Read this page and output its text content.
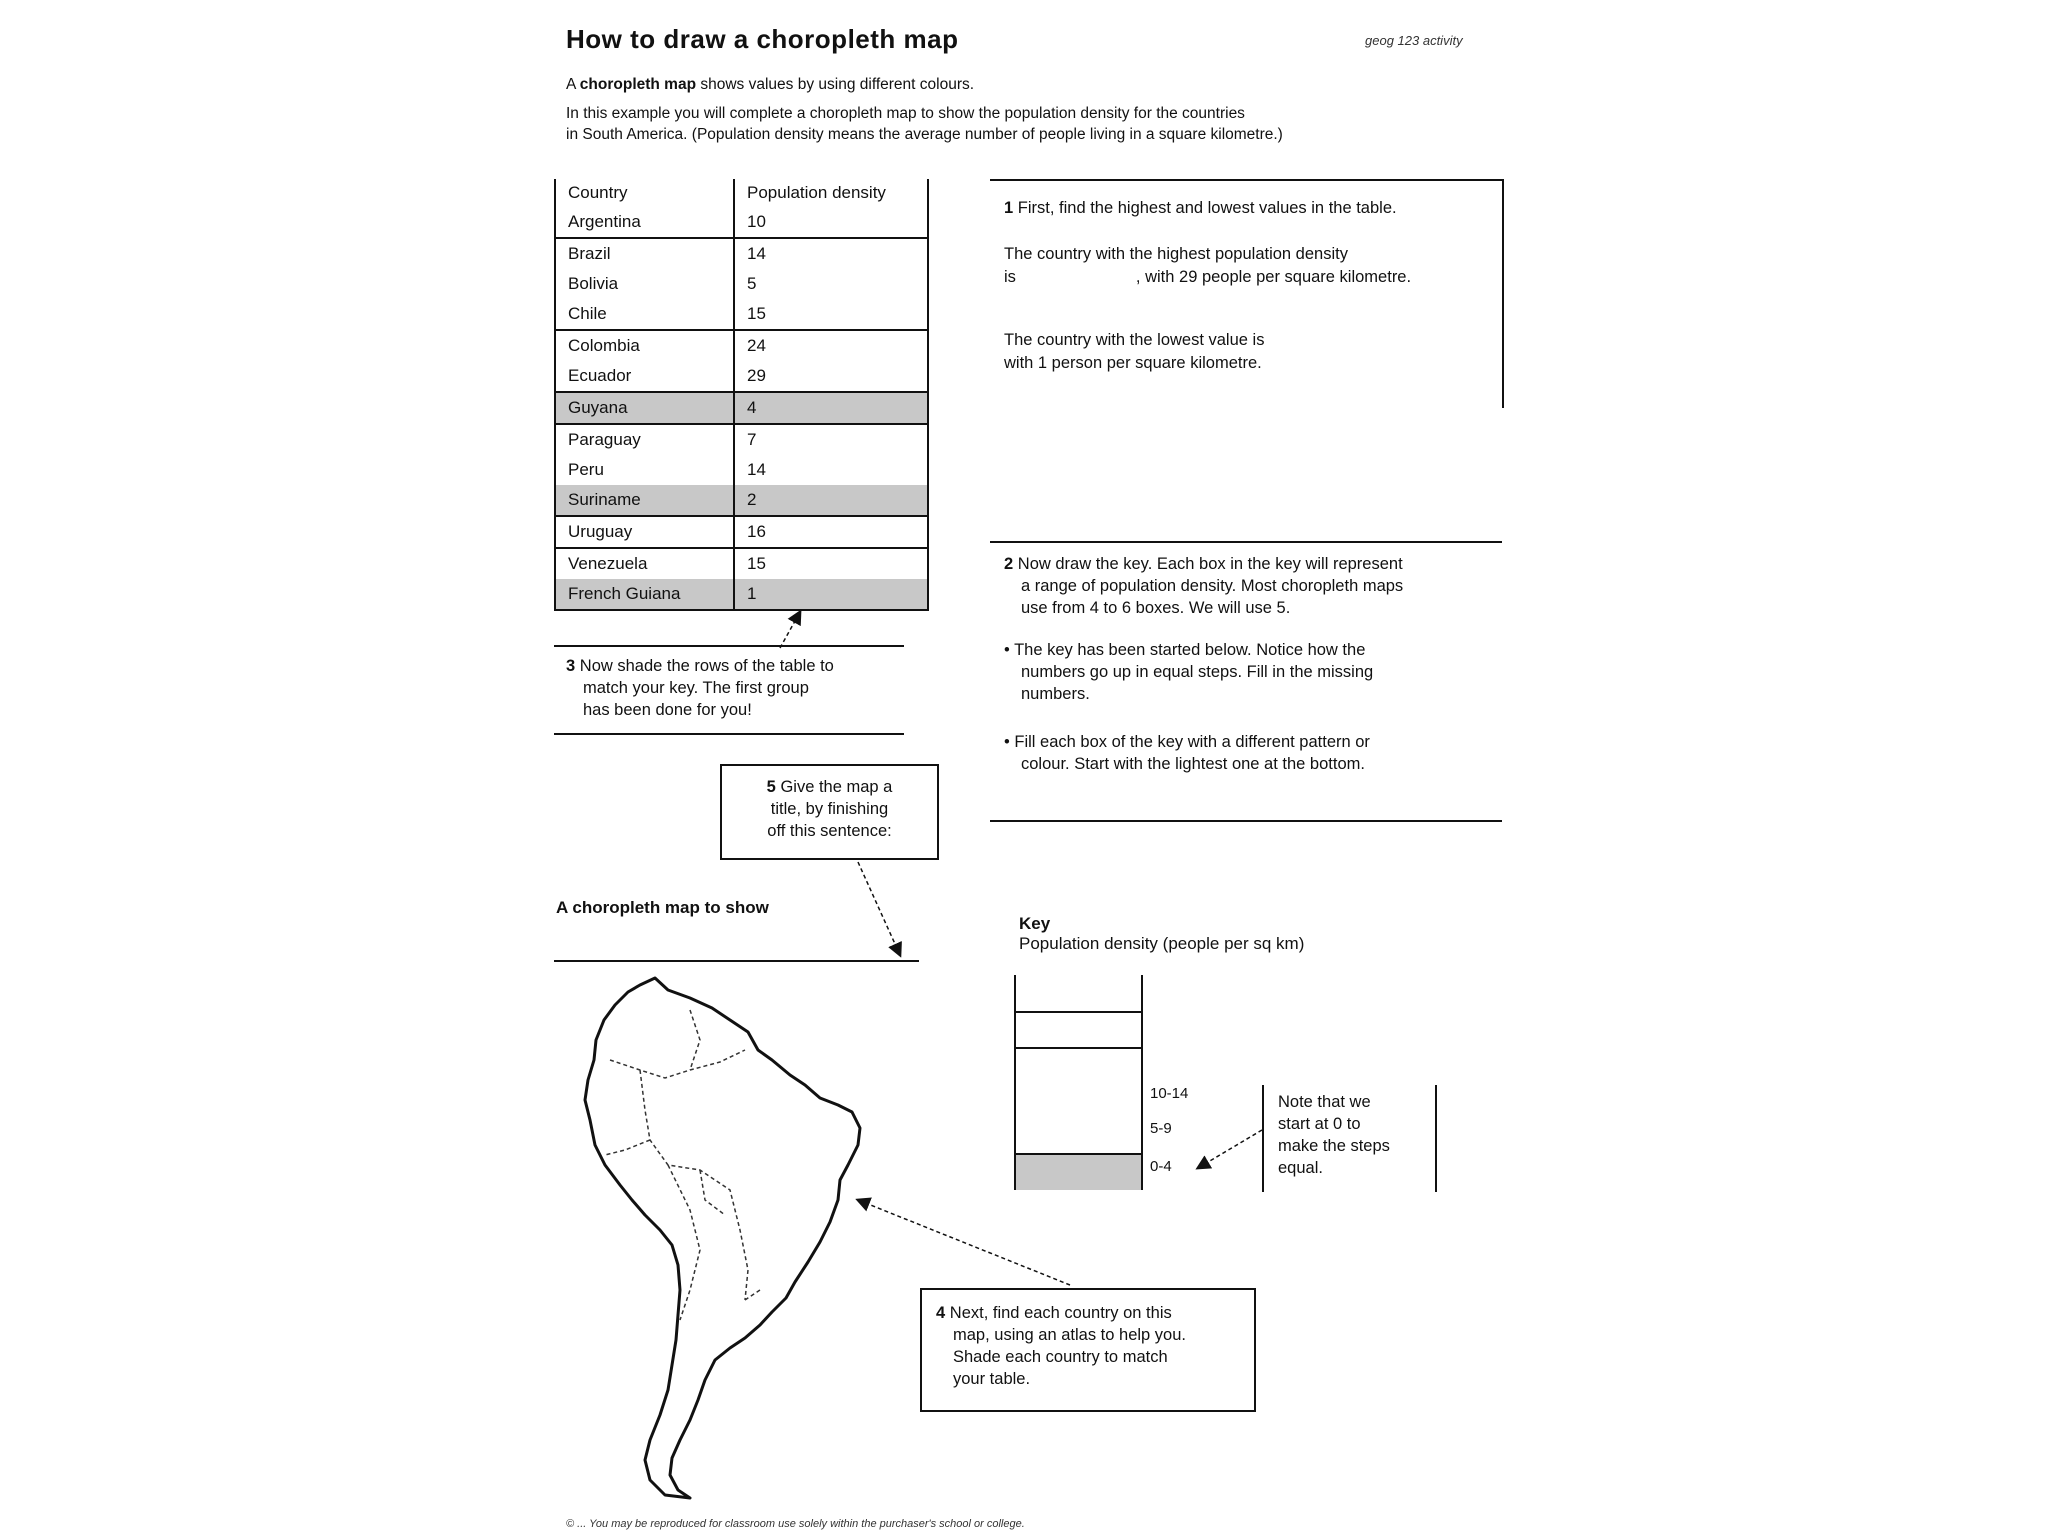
How to draw a choropleth map	geog 123 activity
A choropleth map shows values by using different colours.
In this example you will complete a choropleth map to show the population density for the countries
in South America. (Population density means the average number of people living in a square kilometre.)
Country	Population density
Argentina	10
Brazil	14
Bolivia	5
Chile	15
Colombia	24
Ecuador	29
Guyana	4
Paraguay	7
Peru	14
Suriname	2
Uruguay	16
Venezuela	15
French Guiana	1

1 First, find the highest and lowest values in the table.

The country with the highest population density

is	, with 29 people per square kilometre.

The country with the lowest value is

with 1 person per square kilometre.

2 Now draw the key. Each box in the key will represent

a range of population density. Most choropleth maps

use from 4 to 6 boxes. We will use 5.

• The key has been started below. Notice how the

numbers go up in equal steps. Fill in the missing

numbers.

• Fill each box of the key with a different pattern or

colour. Start with the lightest one at the bottom.

3 Now shade the rows of the table to
match your key. The first group
has been done for you!
5 Give the map a
title, by finishing
off this sentence:
A choropleth map to show
Key
Population density (people per sq km)
10-14
5-9
0-4
Note that we
start at 0 to
make the steps
equal.
4 Next, find each country on this
map, using an atlas to help you.
Shade each country to match
your table.
© ... You may be reproduced for classroom use solely within the purchaser's school or college.
